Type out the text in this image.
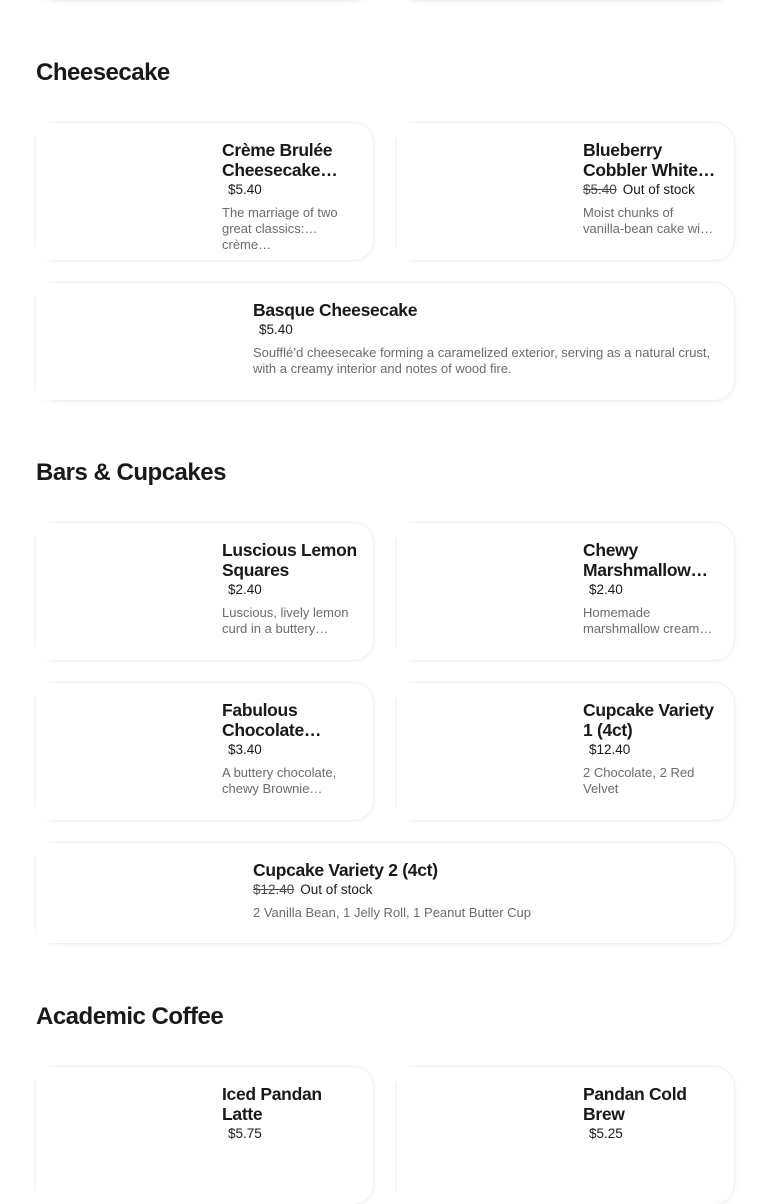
Cheesecake
Crème Brulée Cheesecake…
$5.40
The marriage of two great classics: crème…
Blueberry Cobbler White…
$5.40 Out of stock
Moist chunks of vanilla-bean cake wi…
Basque Cheesecake
$5.40
Soufflé’d cheesecake forming a caramelized exterior, serving as a natural crust, with a creamy interior and notes of wood fire.
Bars & Cupcakes
Luscious Lemon Squares
$2.40
Luscious, lively lemon curd in a buttery…
Chewy Marshmallow…
$2.40
Homemade marshmallow cream…
Fabulous Chocolate…
$3.40
A buttery chocolate, chewy Brownie…
Cupcake Variety 1 (4ct)
$12.40
2 Chocolate, 2 Red Velvet
Cupcake Variety 2 (4ct)
$12.40 Out of stock
2 Vanilla Bean, 1 Jelly Roll, 1 Peanut Butter Cup
Academic Coffee
Iced Pandan Latte
$5.75
Pandan Cold Brew
$5.25
